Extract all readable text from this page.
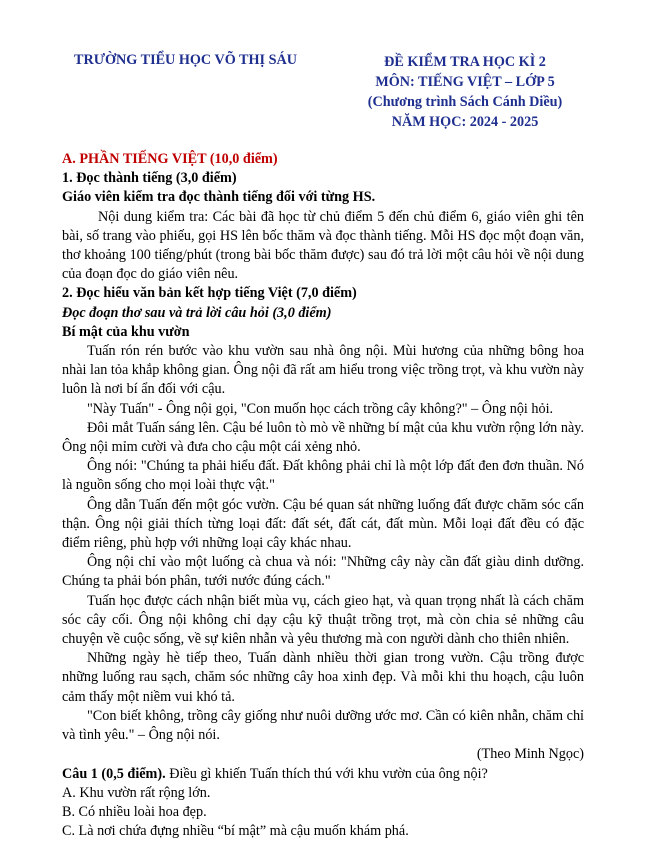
TRƯỜNG TIỂU HỌC VÕ THỊ SÁU	ĐỀ KIỂM TRA HỌC KÌ 2
MÔN: TIẾNG VIỆT – LỚP 5
(Chương trình Sách Cánh Diều)
NĂM HỌC: 2024 - 2025

A. PHẦN TIẾNG VIỆT (10,0 điểm)

1. Đọc thành tiếng (3,0 điểm)

Giáo viên kiểm tra đọc thành tiếng đối với từng HS.

Nội dung kiểm tra: Các bài đã học từ chủ điểm 5 đến chủ điểm 6, giáo viên ghi tên bài, số trang vào phiếu, gọi HS lên bốc thăm và đọc thành tiếng. Mỗi HS đọc một đoạn văn, thơ khoảng 100 tiếng/phút (trong bài bốc thăm được) sau đó trả lời một câu hỏi về nội dung của đoạn đọc do giáo viên nêu.

2. Đọc hiểu văn bản kết hợp tiếng Việt (7,0 điểm)

Đọc đoạn thơ sau và trả lời câu hỏi (3,0 điểm)

Bí mật của khu vườn

Tuấn rón rén bước vào khu vườn sau nhà ông nội. Mùi hương của những bông hoa nhài lan tỏa khắp không gian. Ông nội đã rất am hiểu trong việc trồng trọt, và khu vườn này luôn là nơi bí ẩn đối với cậu.

"Này Tuấn" - Ông nội gọi, "Con muốn học cách trồng cây không?" – Ông nội hỏi.

Đôi mắt Tuấn sáng lên. Cậu bé luôn tò mò về những bí mật của khu vườn rộng lớn này. Ông nội mỉm cười và đưa cho cậu một cái xẻng nhỏ.

Ông nói: "Chúng ta phải hiểu đất. Đất không phải chỉ là một lớp đất đen đơn thuần. Nó là nguồn sống cho mọi loài thực vật."

Ông dẫn Tuấn đến một góc vườn. Cậu bé quan sát những luống đất được chăm sóc cẩn thận. Ông nội giải thích từng loại đất: đất sét, đất cát, đất mùn. Mỗi loại đất đều có đặc điểm riêng, phù hợp với những loại cây khác nhau.

Ông nội chỉ vào một luống cà chua và nói: "Những cây này cần đất giàu dinh dưỡng. Chúng ta phải bón phân, tưới nước đúng cách."

Tuấn học được cách nhận biết mùa vụ, cách gieo hạt, và quan trọng nhất là cách chăm sóc cây cối. Ông nội không chỉ dạy cậu kỹ thuật trồng trọt, mà còn chia sẻ những câu chuyện về cuộc sống, về sự kiên nhẫn và yêu thương mà con người dành cho thiên nhiên.

Những ngày hè tiếp theo, Tuấn dành nhiều thời gian trong vườn. Cậu trồng được những luống rau sạch, chăm sóc những cây hoa xinh đẹp. Và mỗi khi thu hoạch, cậu luôn cảm thấy một niềm vui khó tả.

"Con biết không, trồng cây giống như nuôi dưỡng ước mơ. Cần có kiên nhẫn, chăm chỉ và tình yêu." – Ông nội nói.

(Theo Minh Ngọc)

Câu 1 (0,5 điểm). Điều gì khiến Tuấn thích thú với khu vườn của ông nội?

A. Khu vườn rất rộng lớn.

B. Có nhiều loài hoa đẹp.

C. Là nơi chứa đựng nhiều “bí mật” mà cậu muốn khám phá.
